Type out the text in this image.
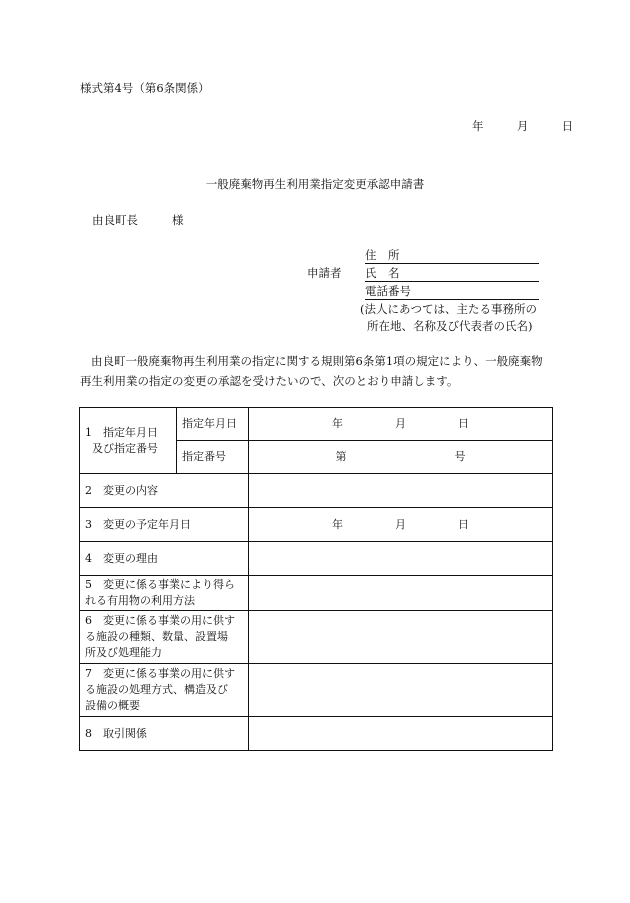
様式第4号（第6条関係）
年	月	日
一般廃棄物再生利用業指定変更承認申請書
由良町長	様
申請者
住　所
氏　名
電話番号
(法人にあつては、主たる事務所の
所在地、名称及び代表者の氏名)
由良町一般廃棄物再生利用業の指定に関する規則第6条第1項の規定により、一般廃棄物再生利用業の指定の変更の承認を受けたいので、次のとおり申請します。
1 指定年月日
及び指定番号	指定年月日	年 月 日

	指定番号	第 号

2 変更の内容		
3 変更の予定年月日		年 月 日

4 変更の理由		

5 変更に係る事業により得ら
れる有用物の利用方法		

6 変更に係る事業の用に供す
る施設の種類、数量、設置場
所及び処理能力		

7 変更に係る事業の用に供す
る施設の処理方式、構造及び
設備の概要		

8 取引関係		
